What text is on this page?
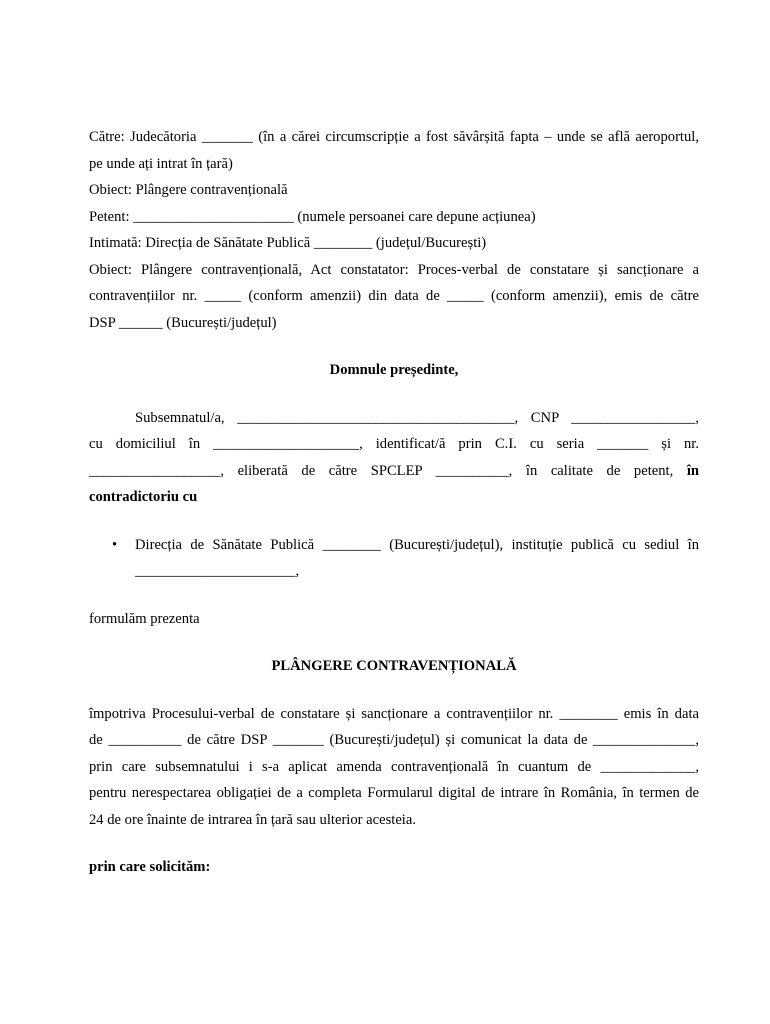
Către: Judecătoria _______ (în a cărei circumscripție a fost săvârșită fapta – unde se află aeroportul,
pe unde ați intrat în țară)
Obiect: Plângere contravențională
Petent: ______________________ (numele persoanei care depune acțiunea)
Intimată: Direcția de Sănătate Publică ________ (județul/București)
Obiect: Plângere contravențională, Act constatator: Proces-verbal de constatare și sancționare a
contravențiilor nr. _____ (conform amenzii) din data de _____ (conform amenzii), emis de către
DSP ______ (București/județul)
Domnule președinte,
Subsemnatul/a, ______________________________________, CNP _________________,
cu domiciliul în ____________________, identificat/ă prin C.I. cu seria _______ și nr.
__________________, eliberată de către SPCLEP __________, în calitate de petent, în
contradictoriu cu
•	Direcția de Sănătate Publică ________ (București/județul), instituție publică cu sediul în
______________________,
formulăm prezenta
PLÂNGERE CONTRAVENȚIONALĂ
împotriva Procesului-verbal de constatare și sancționare a contravențiilor nr. ________ emis în data
de __________ de către DSP _______ (București/județul) și comunicat la data de ______________,
prin care subsemnatului i s-a aplicat amenda contravențională în cuantum de _____________,
pentru nerespectarea obligației de a completa Formularul digital de intrare în România, în termen de
24 de ore înainte de intrarea în țară sau ulterior acesteia.
prin care solicităm:
